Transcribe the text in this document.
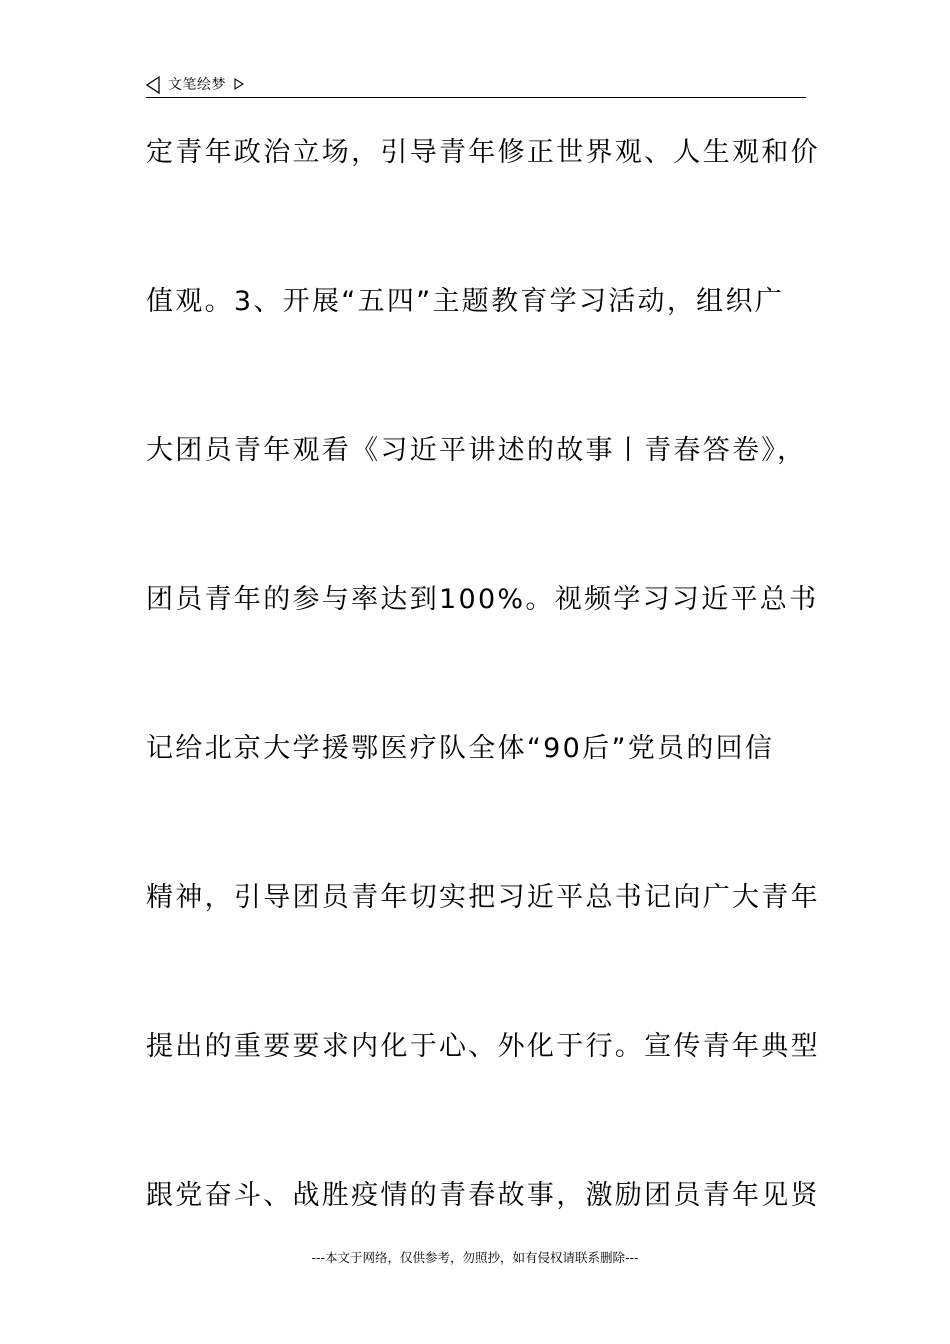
文笔绘梦
定青年政治立场，引导青年修正世界观、人生观和价
值观。3、开展“五四”主题教育学习活动，组织广
大团员青年观看《习近平讲述的故事丨青春答卷》，
团员青年的参与率达到100%。视频学习习近平总书
记给北京大学援鄂医疗队全体“90后”党员的回信
精神，引导团员青年切实把习近平总书记向广大青年
提出的重要要求内化于心、外化于行。宣传青年典型
跟党奋斗、战胜疫情的青春故事，激励团员青年见贤
---本文于网络，仅供参考，勿照抄，如有侵权请联系删除---
